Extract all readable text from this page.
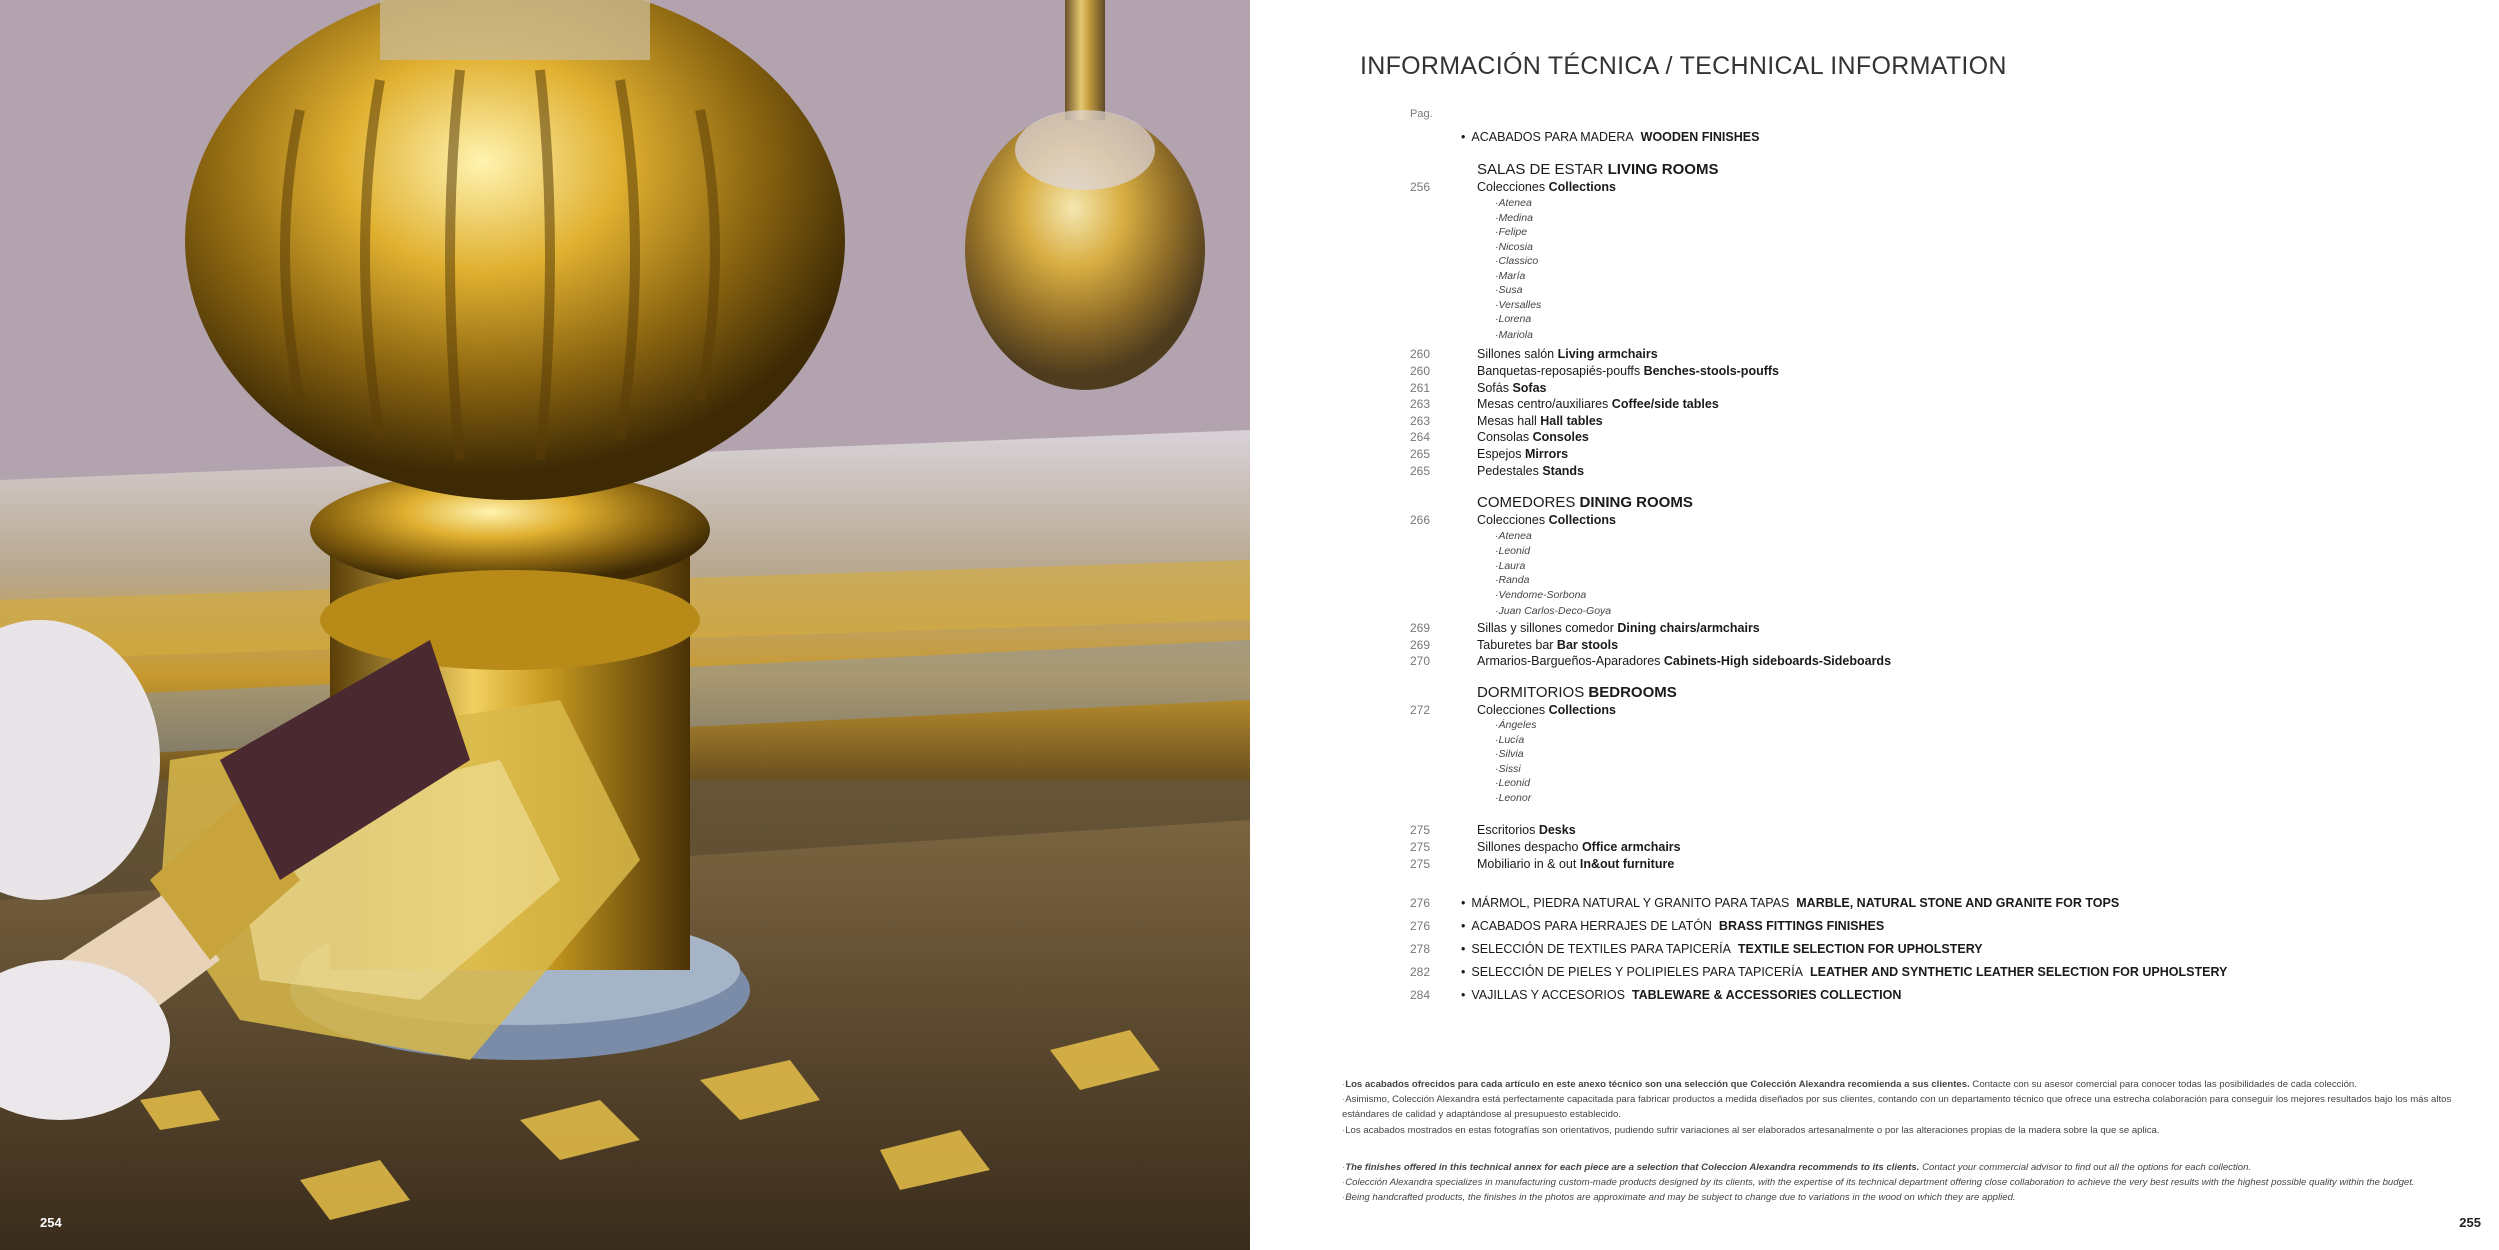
254
INFORMACIÓN TÉCNICA / TECHNICAL INFORMATION
Pag.
• ACABADOS PARA MADERA WOODEN FINISHES
SALAS DE ESTAR LIVING ROOMS
256	Colecciones Collections
· Atenea
· Medina
· Felipe
· Nicosia
· Classico
· María
· Susa
· Versalles
· Lorena
· Mariola
260	Sillones salón Living armchairs
260	Banquetas-reposapiés-pouffs Benches-stools-pouffs
261	Sofás Sofas
263	Mesas centro/auxiliares Coffee/side tables
263	Mesas hall Hall tables
264	Consolas Consoles
265	Espejos Mirrors
265	Pedestales Stands
COMEDORES DINING ROOMS
266	Colecciones Collections
· Atenea
· Leonid
· Laura
· Randa
· Vendome-Sorbona
· Juan Carlos-Deco-Goya
269	Sillas y sillones comedor Dining chairs/armchairs
269	Taburetes bar Bar stools
270	Armarios-Bargueños-Aparadores Cabinets-High sideboards-Sideboards
DORMITORIOS BEDROOMS
272	Colecciones Collections
· Ángeles
· Lucía
· Silvia
· Sissi
· Leonid
· Leonor
275	Escritorios Desks
275	Sillones despacho Office armchairs
275	Mobiliario in & out In&out furniture
276	• MÁRMOL, PIEDRA NATURAL Y GRANITO PARA TAPAS MARBLE, NATURAL STONE AND GRANITE FOR TOPS
276	• ACABADOS PARA HERRAJES DE LATÓN BRASS FITTINGS FINISHES
278	• SELECCIÓN DE TEXTILES PARA TAPICERÍA TEXTILE SELECTION FOR UPHOLSTERY
282	• SELECCIÓN DE PIELES Y POLIPIELES PARA TAPICERÍA LEATHER AND SYNTHETIC LEATHER SELECTION FOR UPHOLSTERY
284	• VAJILLAS Y ACCESORIOS TABLEWARE & ACCESSORIES COLLECTION

· Los acabados ofrecidos para cada artículo en este anexo técnico son una selección que Colección Alexandra recomienda a sus clientes. Contacte con su asesor comercial para conocer todas las posibilidades de cada colección.

· Asimismo, Colección Alexandra está perfectamente capacitada para fabricar productos a medida diseñados por sus clientes, contando con un departamento técnico que ofrece una estrecha colaboración para conseguir los mejores resultados bajo los más altos estándares de calidad y adaptándose al presupuesto establecido.

· Los acabados mostrados en estas fotografías son orientativos, pudiendo sufrir variaciones al ser elaborados artesanalmente o por las alteraciones propias de la madera sobre la que se aplica.

· The finishes offered in this technical annex for each piece are a selection that Coleccion Alexandra recommends to its clients. Contact your commercial advisor to find out all the options for each collection.

· Colección Alexandra specializes in manufacturing custom-made products designed by its clients, with the expertise of its technical department offering close collaboration to achieve the very best results with the highest possible quality within the budget.

· Being handcrafted products, the finishes in the photos are approximate and may be subject to change due to variations in the wood on which they are applied.

255
